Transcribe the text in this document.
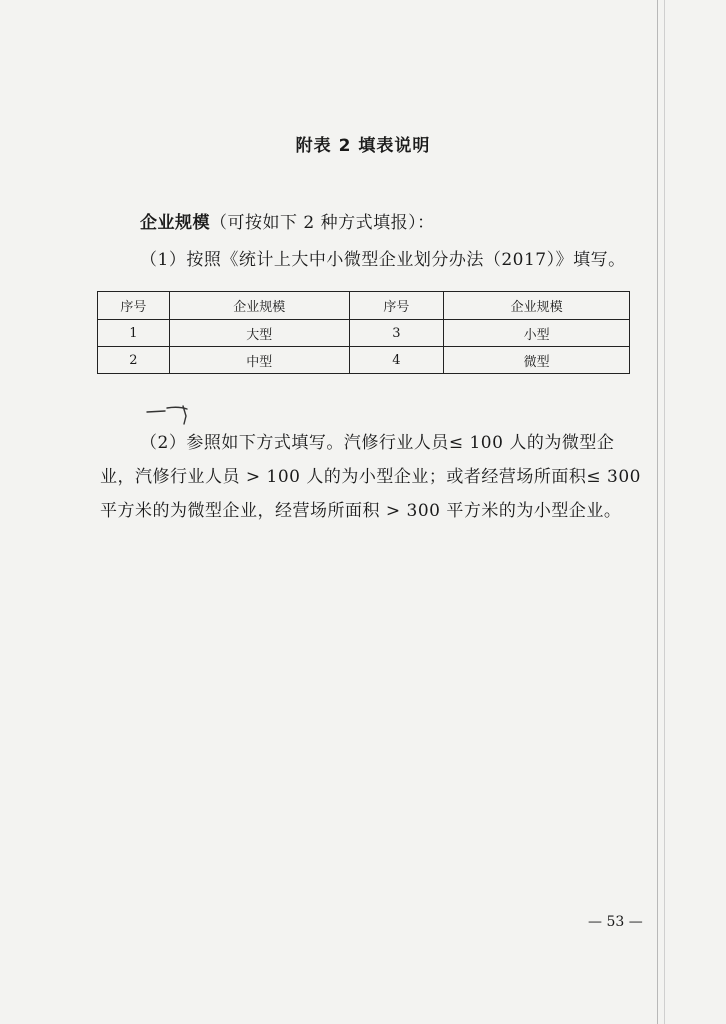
附表 2 填表说明
企业规模（可按如下 2 种方式填报）：
（1）按照《统计上大中小微型企业划分办法（2017）》填写。
序号	企业规模	序号	企业规模
1	大型	3	小型
2	中型	4	微型
（2）参照如下方式填写。汽修行业人员≤ 100 人的为微型企
业，汽修行业人员 > 100 人的为小型企业；或者经营场所面积≤ 300
平方米的为微型企业，经营场所面积 > 300 平方米的为小型企业。
— 53 —
